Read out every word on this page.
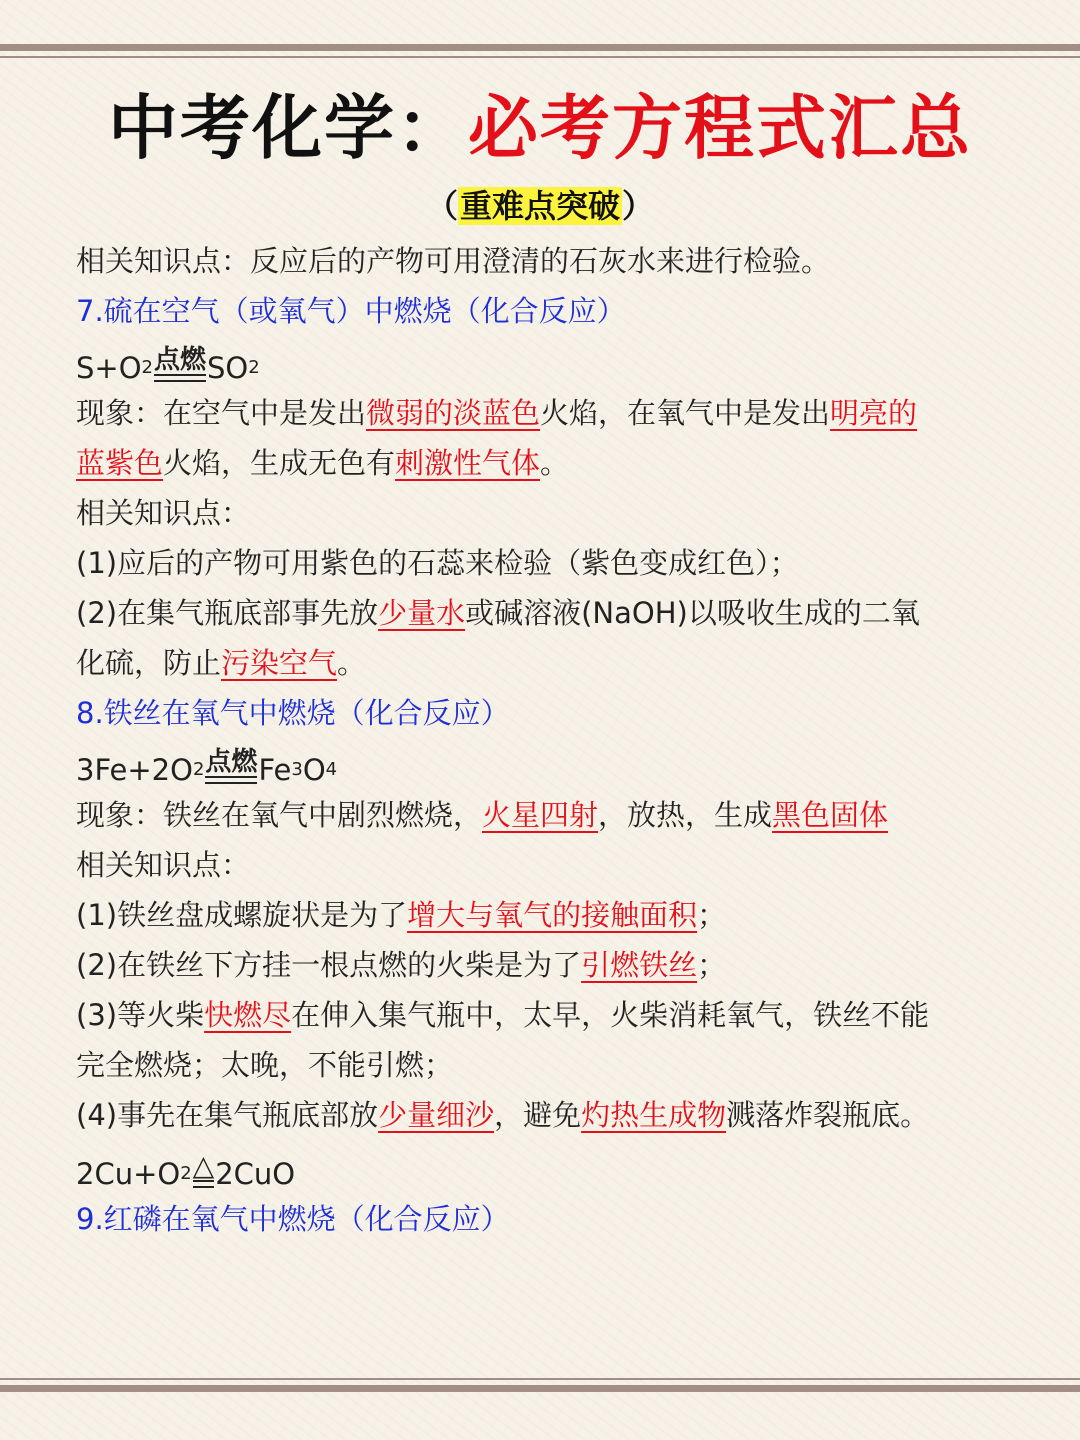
中考化学：必考方程式汇总
（重难点突破）
相关知识点：反应后的产物可用澄清的石灰水来进行检验。
7.硫在空气（或氧气）中燃烧（化合反应）
S+O 2 点燃 SO 2
现象：在空气中是发出微弱的淡蓝色火焰，在氧气中是发出明亮的
蓝紫色火焰，生成无色有刺激性气体。
相关知识点：
(1)应后的产物可用紫色的石蕊来检验（紫色变成红色）；
(2)在集气瓶底部事先放少量水或碱溶液(NaOH)以吸收生成的二氧
化硫，防止污染空气。
8.铁丝在氧气中燃烧（化合反应）
3Fe+2O 2 点燃 Fe 3 O 4
现象：铁丝在氧气中剧烈燃烧，火星四射，放热，生成黑色固体
相关知识点：
(1)铁丝盘成螺旋状是为了增大与氧气的接触面积；
(2)在铁丝下方挂一根点燃的火柴是为了引燃铁丝；
(3)等火柴快燃尽在伸入集气瓶中，太早，火柴消耗氧气，铁丝不能
完全燃烧；太晚，不能引燃；
(4)事先在集气瓶底部放少量细沙，避免灼热生成物溅落炸裂瓶底。
2Cu+O 2 △ 2CuO
9.红磷在氧气中燃烧（化合反应）
